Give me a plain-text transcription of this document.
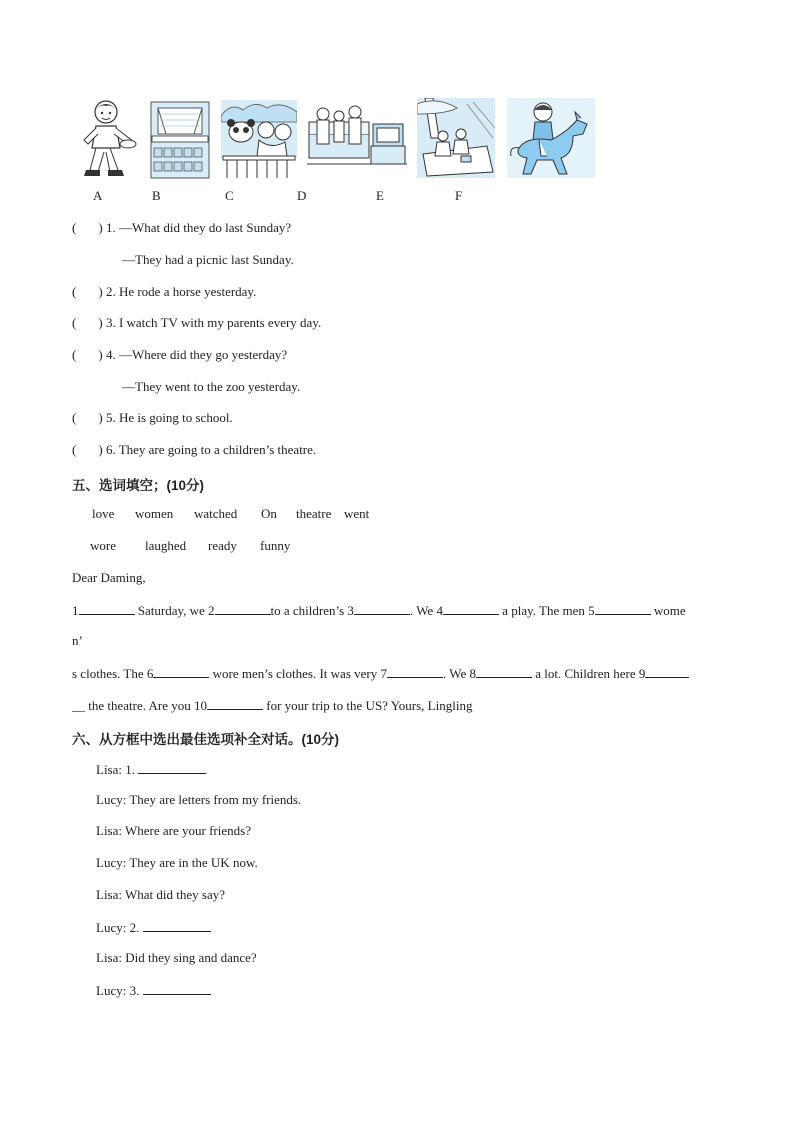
A	B	C	D	E	F
( ) 1. —What did they do last Sunday?
—They had a picnic last Sunday.
( ) 2. He rode a horse yesterday.
( ) 3. I watch TV with my parents every day.
( ) 4. —Where did they go yesterday?
—They went to the zoo yesterday.
( ) 5. He is going to school.
( ) 6. They are going to a children’s theatre.
五、选词填空；(10分)
love women watched On theatre went
wore laughed ready funny
Dear Daming,
1	Saturday, we 2	to a children’s 3	. We 4	a play. The men 5	wome
n’
s clothes. The 6	wore men’s clothes. It was very 7	. We 8	a lot. Children here 9
__ the theatre. Are you 10	for your trip to the US? Yours, Lingling
六、从方框中选出最佳选项补全对话。(10分)
Lisa: 1.
Lucy: They are letters from my friends.
Lisa: Where are your friends?
Lucy: They are in the UK now.
Lisa: What did they say?
Lucy: 2.
Lisa: Did they sing and dance?
Lucy: 3.
